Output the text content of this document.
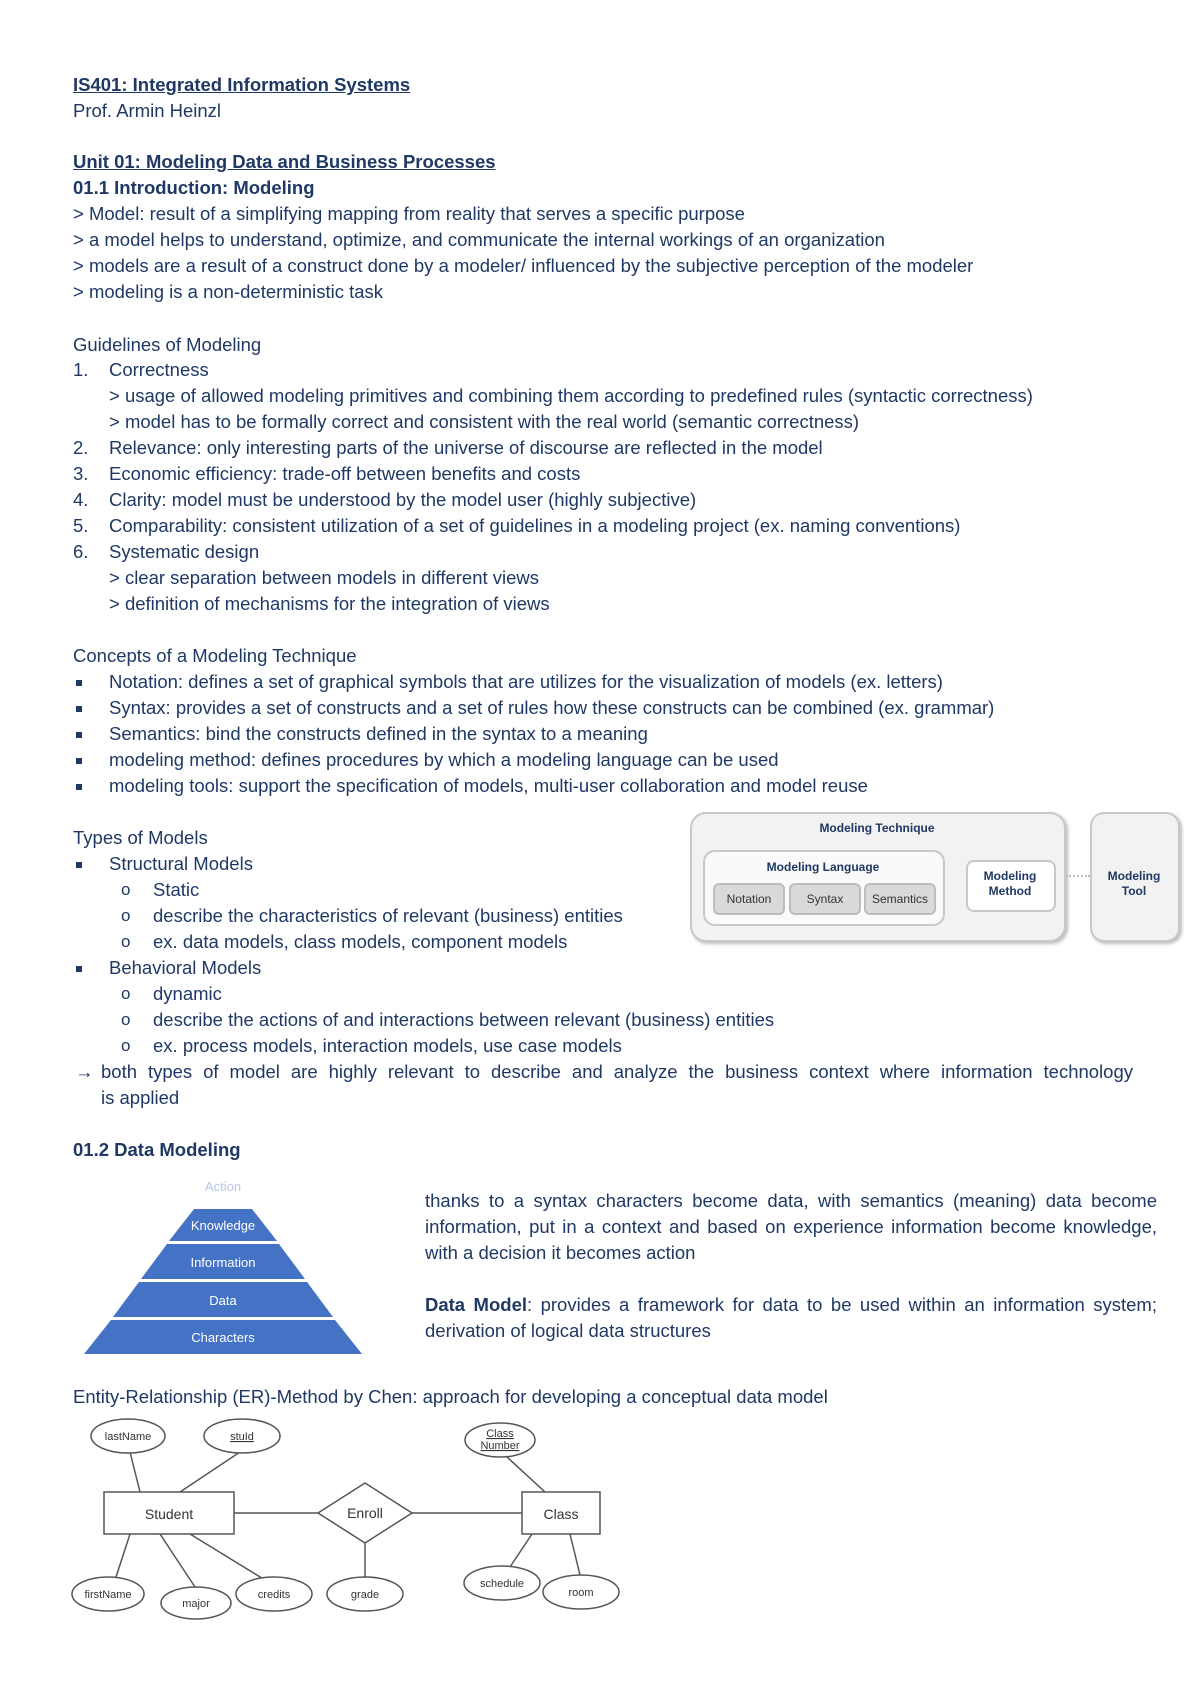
IS401: Integrated Information Systems
Prof. Armin Heinzl
Unit 01: Modeling Data and Business Processes
01.1 Introduction: Modeling
> Model: result of a simplifying mapping from reality that serves a specific purpose
> a model helps to understand, optimize, and communicate the internal workings of an organization
> models are a result of a construct done by a modeler/ influenced by the subjective perception of the modeler
> modeling is a non-deterministic task
Guidelines of Modeling
1. Correctness
> usage of allowed modeling primitives and combining them according to predefined rules (syntactic correctness)
> model has to be formally correct and consistent with the real world (semantic correctness)
2. Relevance: only interesting parts of the universe of discourse are reflected in the model
3. Economic efficiency: trade-off between benefits and costs
4. Clarity: model must be understood by the model user (highly subjective)
5. Comparability: consistent utilization of a set of guidelines in a modeling project (ex. naming conventions)
6. Systematic design
> clear separation between models in different views
> definition of mechanisms for the integration of views
Concepts of a Modeling Technique
Notation: defines a set of graphical symbols that are utilizes for the visualization of models (ex. letters)
Syntax: provides a set of constructs and a set of rules how these constructs can be combined (ex. grammar)
Semantics: bind the constructs defined in the syntax to a meaning
modeling method: defines procedures by which a modeling language can be used
modeling tools: support the specification of models, multi-user collaboration and model reuse
Types of Models
Structural Models
o Static
o describe the characteristics of relevant (business) entities
o ex. data models, class models, component models
Behavioral Models
o dynamic
o describe the actions of and interactions between relevant (business) entities
o ex. process models, interaction models, use case models
→ both types of model are highly relevant to describe and analyze the business context where information technology
is applied
Modeling Technique
Modeling Language
Notation	Syntax	Semantics
Modeling Method
Modeling Tool
01.2 Data Modeling
Action
Knowledge
Information
Data
Characters
thanks to a syntax characters become data, with semantics (meaning) data become information, put in a context and based on experience information become knowledge, with a decision it becomes action
Data Model: provides a framework for data to be used within an information system; derivation of logical data structures
Entity-Relationship (ER)-Method by Chen: approach for developing a conceptual data model
Student	Enroll	Class
lastName	stuId
firstName
major
credits	grade
Class
Number
schedule
room
